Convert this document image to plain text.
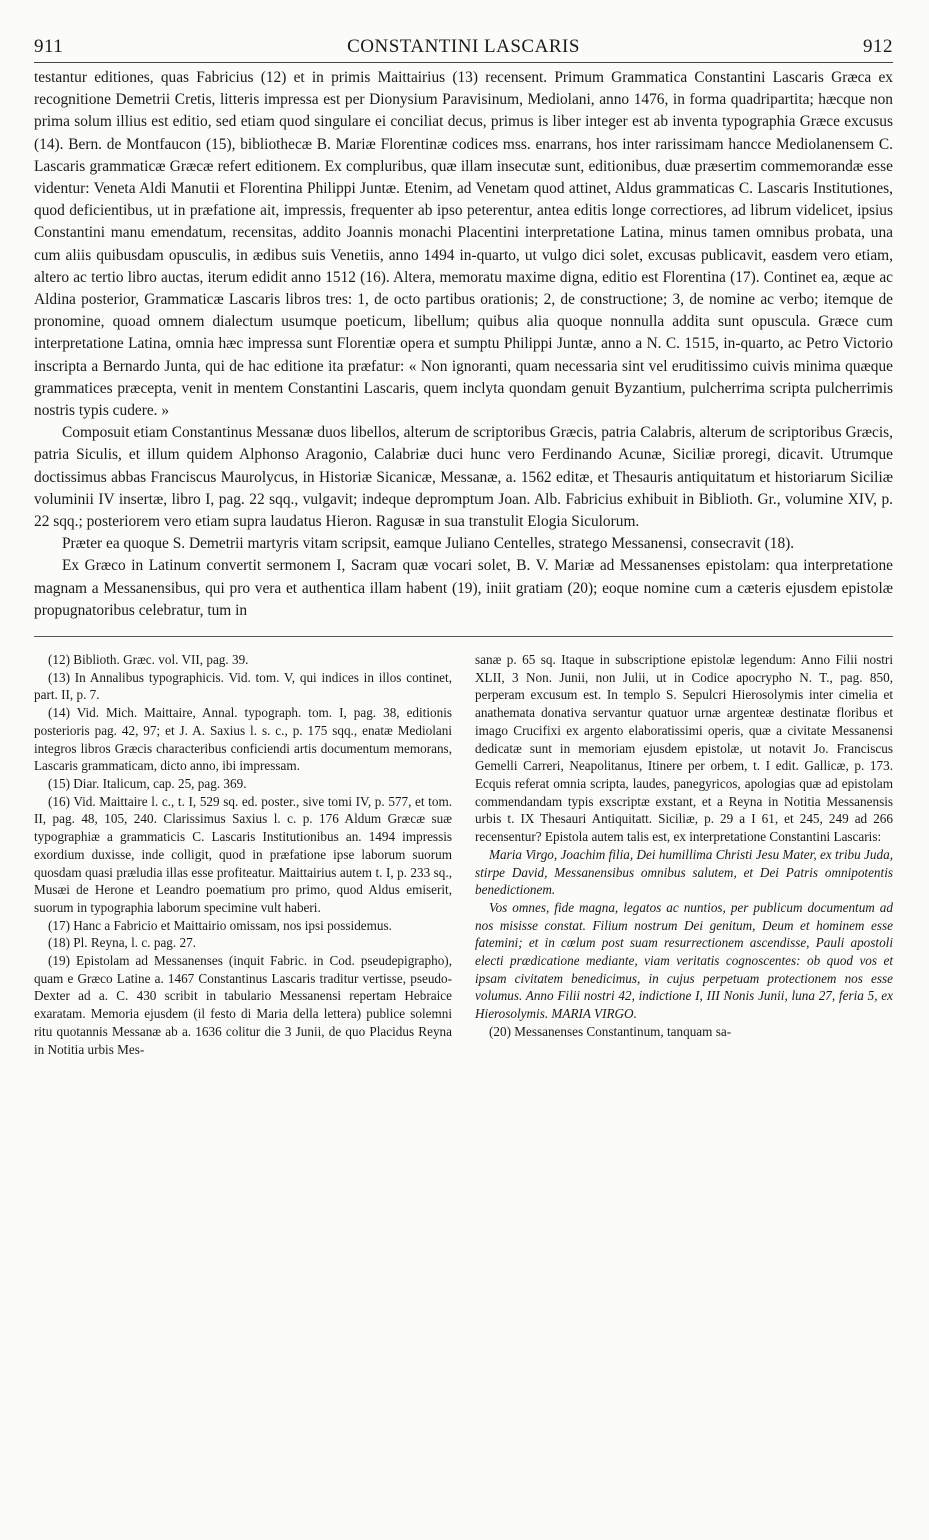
911	CONSTANTINI LASCARIS	912

testantur editiones, quas Fabricius (12) et in primis Maittairius (13) recensent. Primum Grammatica Constantini Lascaris Græca ex recognitione Demetrii Cretis, litteris impressa est per Dionysium Paravisinum, Mediolani, anno 1476, in forma quadripartita; hæcque non prima solum illius est editio, sed etiam quod singulare ei conciliat decus, primus is liber integer est ab inventa typographia Græce excusus (14). Bern. de Montfaucon (15), bibliothecæ B. Mariæ Florentinæ codices mss. enarrans, hos inter rarissimam hancce Mediolanensem C. Lascaris grammaticæ Græcæ refert editionem. Ex compluribus, quæ illam insecutæ sunt, editionibus, duæ præsertim commemorandæ esse videntur: Veneta Aldi Manutii et Florentina Philippi Juntæ. Etenim, ad Venetam quod attinet, Aldus grammaticas C. Lascaris Institutiones, quod deficientibus, ut in præfatione ait, impressis, frequenter ab ipso peterentur, antea editis longe correctiores, ad librum videlicet, ipsius Constantini manu emendatum, recensitas, addito Joannis monachi Placentini interpretatione Latina, minus tamen omnibus probata, una cum aliis quibusdam opusculis, in ædibus suis Venetiis, anno 1494 in-quarto, ut vulgo dici solet, excusas publicavit, easdem vero etiam, altero ac tertio libro auctas, iterum edidit anno 1512 (16). Altera, memoratu maxime digna, editio est Florentina (17). Continet ea, æque ac Aldina posterior, Grammaticæ Lascaris libros tres: 1, de octo partibus orationis; 2, de constructione; 3, de nomine ac verbo; itemque de pronomine, quoad omnem dialectum usumque poeticum, libellum; quibus alia quoque nonnulla addita sunt opuscula. Græce cum interpretatione Latina, omnia hæc impressa sunt Florentiæ opera et sumptu Philippi Juntæ, anno a N. C. 1515, in-quarto, ac Petro Victorio inscripta a Bernardo Junta, qui de hac editione ita præfatur: « Non ignoranti, quam necessaria sint vel eruditissimo cuivis minima quæque grammatices præcepta, venit in mentem Constantini Lascaris, quem inclyta quondam genuit Byzantium, pulcherrima scripta pulcherrimis nostris typis cudere. »

Composuit etiam Constantinus Messanæ duos libellos, alterum de scriptoribus Græcis, patria Calabris, alterum de scriptoribus Græcis, patria Siculis, et illum quidem Alphonso Aragonio, Calabriæ duci hunc vero Ferdinando Acunæ, Siciliæ proregi, dicavit. Utrumque doctissimus abbas Franciscus Maurolycus, in Historiæ Sicanicæ, Messanæ, a. 1562 editæ, et Thesauris antiquitatum et historiarum Siciliæ voluminii IV insertæ, libro I, pag. 22 sqq., vulgavit; indeque depromptum Joan. Alb. Fabricius exhibuit in Biblioth. Gr., volumine XIV, p. 22 sqq.; posteriorem vero etiam supra laudatus Hieron. Ragusæ in sua transtulit Elogia Siculorum.

Præter ea quoque S. Demetrii martyris vitam scripsit, eamque Juliano Centelles, stratego Messanensi, consecravit (18).

Ex Græco in Latinum convertit sermonem I, Sacram quæ vocari solet, B. V. Mariæ ad Messanenses epistolam: qua interpretatione magnam a Messanensibus, qui pro vera et authentica illam habent (19), iniit gratiam (20); eoque nomine cum a cæteris ejusdem epistolæ propugnatoribus celebratur, tum in

(12) Biblioth. Græc. vol. VII, pag. 39.

(13) In Annalibus typographicis. Vid. tom. V, qui indices in illos continet, part. II, p. 7.

(14) Vid. Mich. Maittaire, Annal. typograph. tom. I, pag. 38, editionis posterioris pag. 42, 97; et J. A. Saxius l. s. c., p. 175 sqq., enatæ Mediolani integros libros Græcis characteribus conficiendi artis documentum memorans, Lascaris grammaticam, dicto anno, ibi impressam.

(15) Diar. Italicum, cap. 25, pag. 369.

(16) Vid. Maittaire l. c., t. I, 529 sq. ed. poster., sive tomi IV, p. 577, et tom. II, pag. 48, 105, 240. Clarissimus Saxius l. c. p. 176 Aldum Græcæ suæ typographiæ a grammaticis C. Lascaris Institutionibus an. 1494 impressis exordium duxisse, inde colligit, quod in præfatione ipse laborum suorum quosdam quasi præludia illas esse profiteatur. Maittairius autem t. I, p. 233 sq., Musæi de Herone et Leandro poematium pro primo, quod Aldus emiserit, suorum in typographia laborum specimine vult haberi.

(17) Hanc a Fabricio et Maittairio omissam, nos ipsi possidemus.

(18) Pl. Reyna, l. c. pag. 27.

(19) Epistolam ad Messanenses (inquit Fabric. in Cod. pseudepigrapho), quam e Græco Latine a. 1467 Constantinus Lascaris traditur vertisse, pseudo-Dexter ad a. C. 430 scribit in tabulario Messanensi repertam Hebraice exaratam. Memoria ejusdem (il festo di Maria della lettera) publice solemni ritu quotannis Messanæ ab a. 1636 colitur die 3 Junii, de quo Placidus Reyna in Notitia urbis Mes-

sanæ p. 65 sq. Itaque in subscriptione epistolæ legendum: Anno Filii nostri XLII, 3 Non. Junii, non Julii, ut in Codice apocrypho N. T., pag. 850, perperam excusum est. In templo S. Sepulcri Hierosolymis inter cimelia et anathemata donativa servantur quatuor urnæ argenteæ destinatæ floribus et imago Crucifixi ex argento elaboratissimi operis, quæ a civitate Messanensi dedicatæ sunt in memoriam ejusdem epistolæ, ut notavit Jo. Franciscus Gemelli Carreri, Neapolitanus, Itinere per orbem, t. I edit. Gallicæ, p. 173. Ecquis referat omnia scripta, laudes, panegyricos, apologias quæ ad epistolam commendandam typis exscriptæ exstant, et a Reyna in Notitia Messanensis urbis t. IX Thesauri Antiquitatt. Siciliæ, p. 29 a I 61, et 245, 249 ad 266 recensentur? Epistola autem talis est, ex interpretatione Constantini Lascaris:

Maria Virgo, Joachim filia, Dei humillima Christi Jesu Mater, ex tribu Juda, stirpe David, Messanensibus omnibus salutem, et Dei Patris omnipotentis benedictionem.

Vos omnes, fide magna, legatos ac nuntios, per publicum documentum ad nos misisse constat. Filium nostrum Dei genitum, Deum et hominem esse fatemini; et in cœlum post suam resurrectionem ascendisse, Pauli apostoli electi prædicatione mediante, viam veritatis cognoscentes: ob quod vos et ipsam civitatem benedicimus, in cujus perpetuam protectionem nos esse volumus. Anno Filii nostri 42, indictione I, III Nonis Junii, luna 27, feria 5, ex Hierosolymis. MARIA VIRGO.

(20) Messanenses Constantinum, tanquam sa-
